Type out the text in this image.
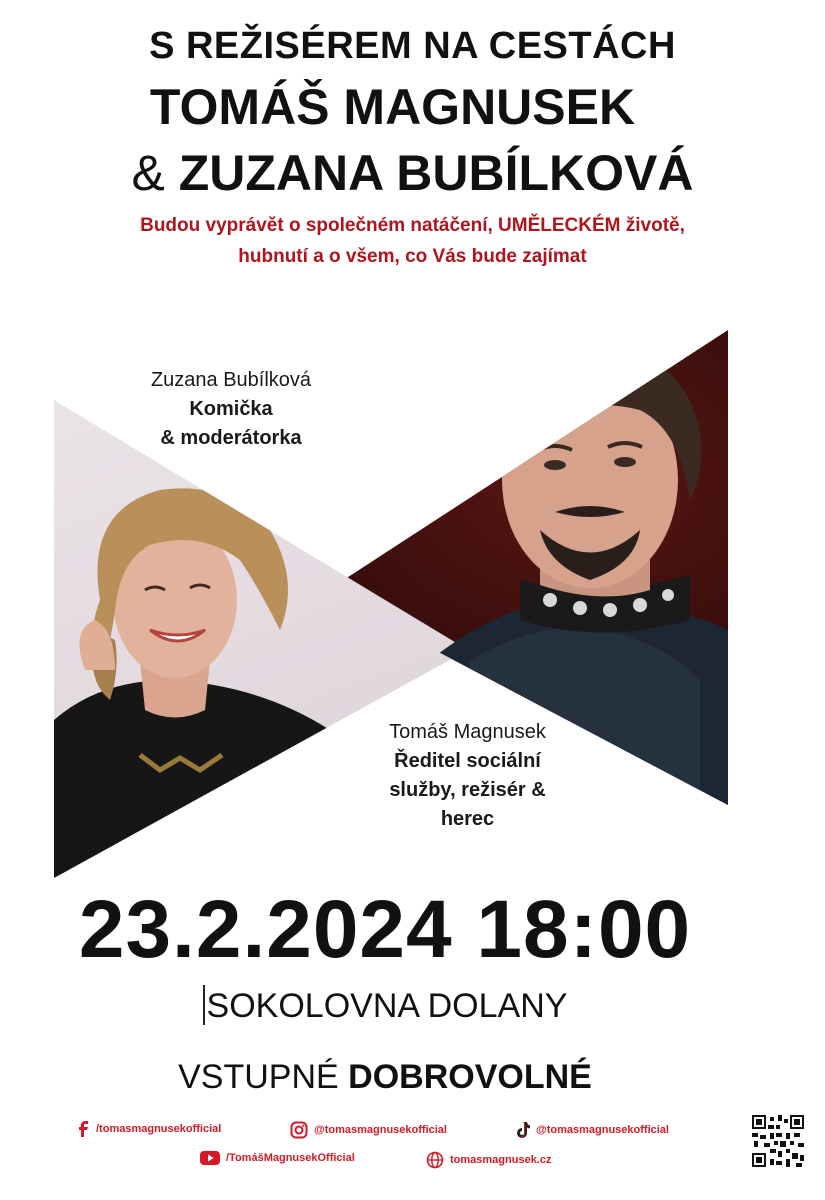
S REŽISÉREM NA CESTÁCH
TOMÁŠ MAGNUSEK
& ZUZANA BUBÍLKOVÁ
Budou vyprávět o společném natáčení, UMĚLECKÉM životě,
hubnutí a o všem, co Vás bude zajímat
Zuzana Bubílková
Komička
& moderátorka
Tomáš Magnusek
Ředitel sociální
služby, režisér &
herec
23.2.2024 18:00
SOKOLOVNA DOLANY
VSTUPNÉ DOBROVOLNÉ
/tomasmagnusekofficial	@tomasmagnusekofficial	@tomasmagnusekofficial
/TomášMagnusekOfficial	tomasmagnusek.cz
